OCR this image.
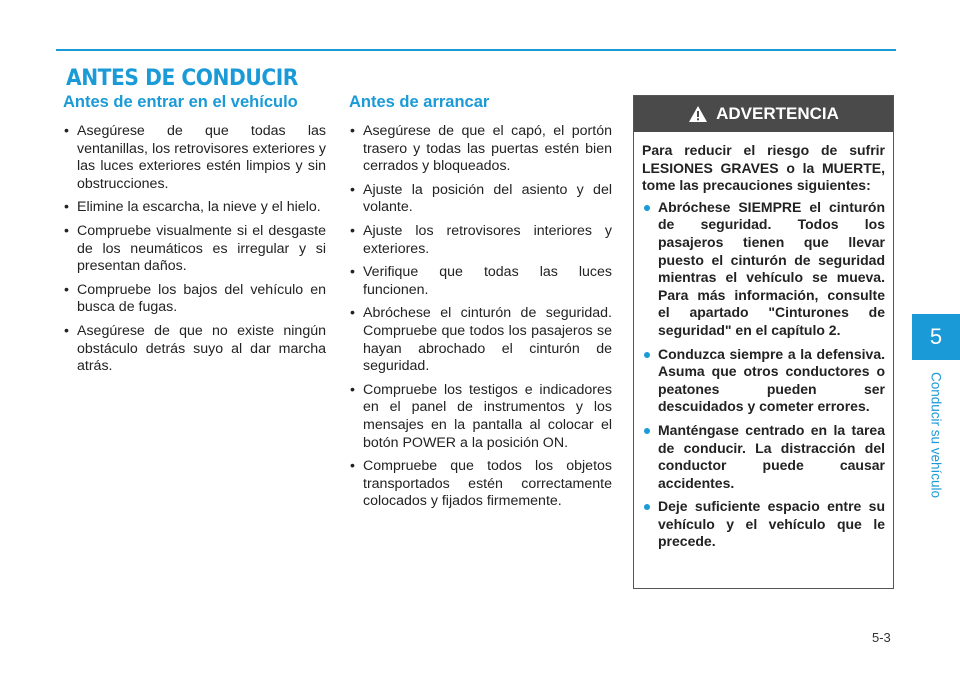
ANTES DE CONDUCIR
Antes de entrar en el vehículo
• Asegúrese de que todas las ventanillas, los retrovisores exteriores y las luces exteriores estén limpios y sin obstrucciones.
• Elimine la escarcha, la nieve y el hielo.
• Compruebe visualmente si el desgaste de los neumáticos es irregular y si presentan daños.
• Compruebe los bajos del vehículo en busca de fugas.
• Asegúrese de que no existe ningún obstáculo detrás suyo al dar marcha atrás.
Antes de arrancar
• Asegúrese de que el capó, el portón trasero y todas las puertas estén bien cerrados y bloqueados.
• Ajuste la posición del asiento y del volante.
• Ajuste los retrovisores interiores y exteriores.
• Verifique que todas las luces funcionen.
• Abróchese el cinturón de seguridad. Compruebe que todos los pasajeros se hayan abrochado el cinturón de seguridad.
• Compruebe los testigos e indicadores en el panel de instrumentos y los mensajes en la pantalla al colocar el botón POWER a la posición ON.
• Compruebe que todos los objetos transportados estén correctamente colocados y fijados firmemente.
ADVERTENCIA

Para reducir el riesgo de sufrir LESIONES GRAVES o la MUERTE, tome las precauciones siguientes:

Abróchese SIEMPRE el cinturón de seguridad. Todos los pasajeros tienen que llevar puesto el cinturón de seguridad mientras el vehículo se mueva. Para más información, consulte el apartado "Cinturones de seguridad" en el capítulo 2.
Conduzca siempre a la defensiva. Asuma que otros conductores o peatones pueden ser descuidados y cometer errores.
Manténgase centrado en la tarea de conducir. La distracción del conductor puede causar accidentes.
Deje suficiente espacio entre su vehículo y el vehículo que le precede.
5
Conducir su vehículo
5-3
